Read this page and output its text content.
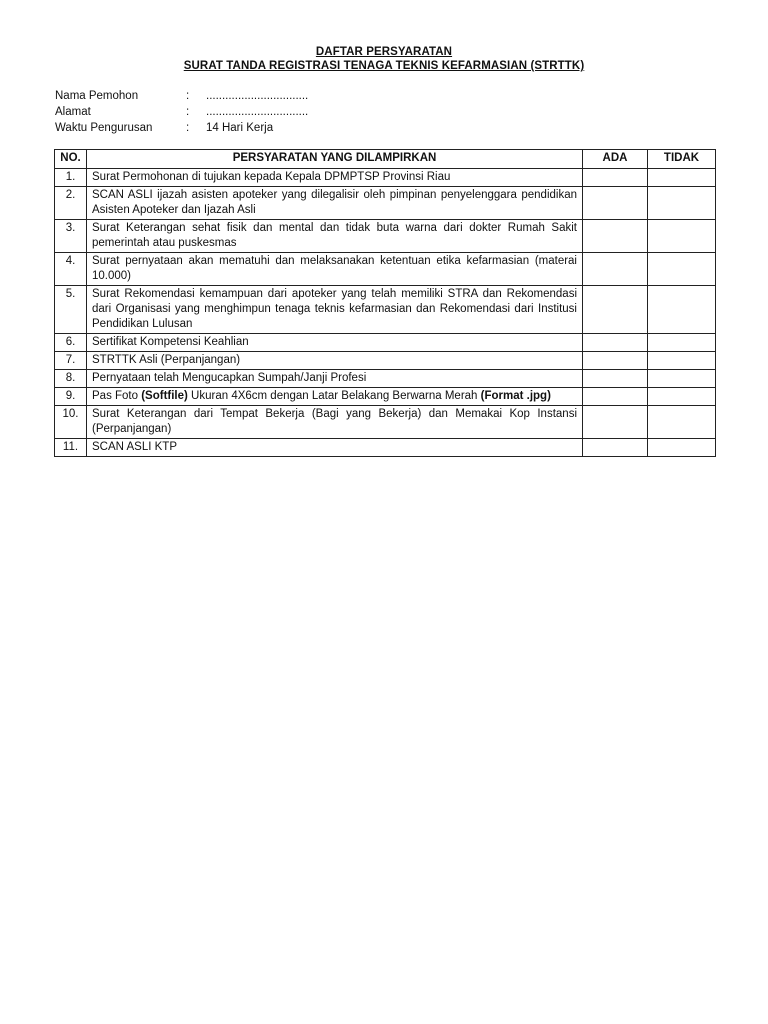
DAFTAR PERSYARATAN
SURAT TANDA REGISTRASI TENAGA TEKNIS KEFARMASIAN (STRTTK)
Nama Pemohon	:	................................
Alamat	:	................................
Waktu Pengurusan	:	14 Hari Kerja
NO.	PERSYARATAN YANG DILAMPIRKAN	ADA	TIDAK
1.	Surat Permohonan di tujukan kepada Kepala DPMPTSP Provinsi Riau		
2.	SCAN ASLI ijazah asisten apoteker yang dilegalisir oleh pimpinan penyelenggara pendidikan Asisten Apoteker dan Ijazah Asli		
3.	Surat Keterangan sehat fisik dan mental dan tidak buta warna dari dokter Rumah Sakit pemerintah atau puskesmas		
4.	Surat pernyataan akan mematuhi dan melaksanakan ketentuan etika kefarmasian (materai 10.000)		
5.	Surat Rekomendasi kemampuan dari apoteker yang telah memiliki STRA dan Rekomendasi dari Organisasi yang menghimpun tenaga teknis kefarmasian dan Rekomendasi dari Institusi Pendidikan Lulusan		
6.	Sertifikat Kompetensi Keahlian		
7.	STRTTK Asli (Perpanjangan)		
8.	Pernyataan telah Mengucapkan Sumpah/Janji Profesi		
9.	Pas Foto (Softfile) Ukuran 4X6cm dengan Latar Belakang Berwarna Merah (Format .jpg)		
10.	Surat Keterangan dari Tempat Bekerja (Bagi yang Bekerja) dan Memakai Kop Instansi (Perpanjangan)		
11.	SCAN ASLI KTP		
